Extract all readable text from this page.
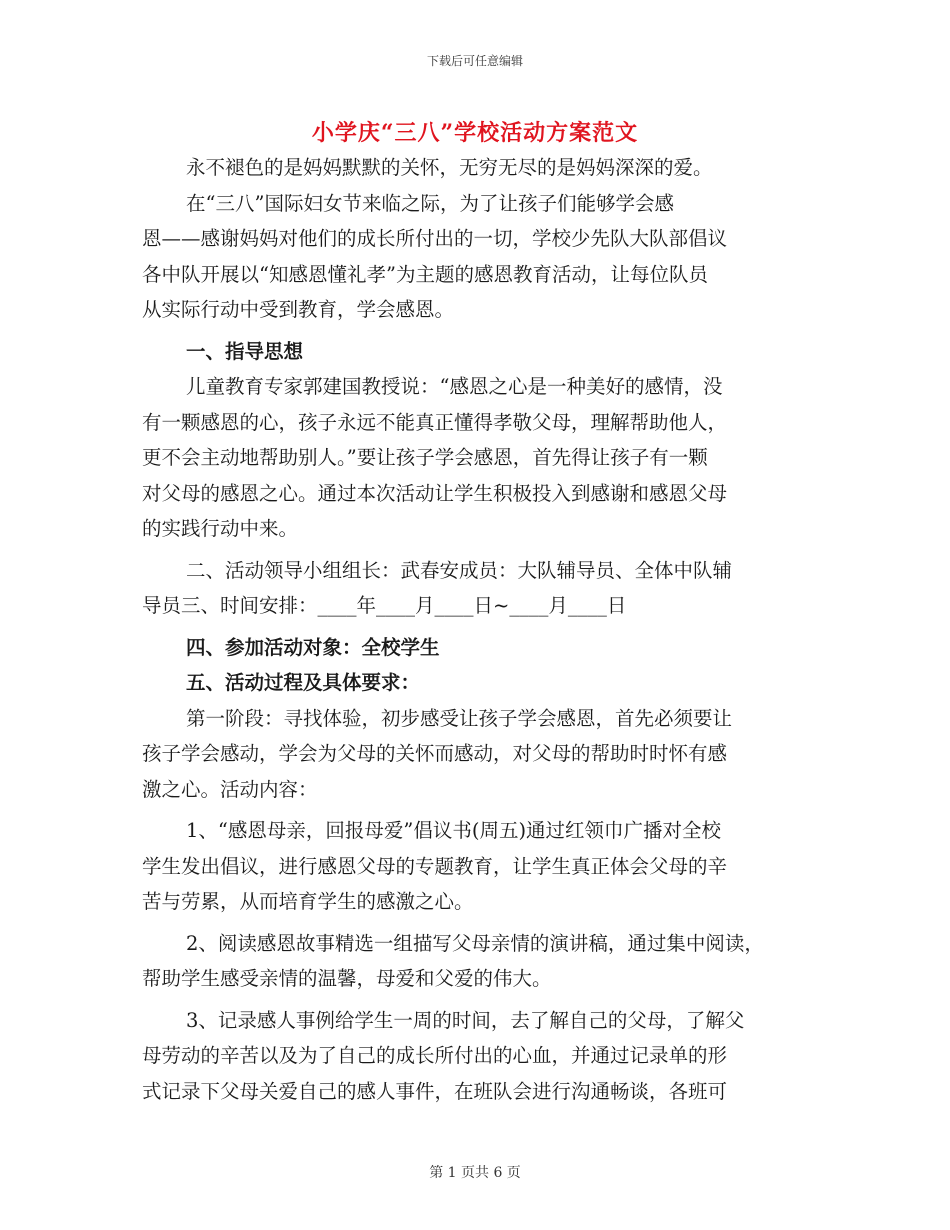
下载后可任意编辑
小学庆“三八”学校活动方案范文
永不褪色的是妈妈默默的关怀，无穷无尽的是妈妈深深的爱。
在“三八”国际妇女节来临之际，为了让孩子们能够学会感
恩——感谢妈妈对他们的成长所付出的一切，学校少先队大队部倡议
各中队开展以“知感恩懂礼孝”为主题的感恩教育活动，让每位队员
从实际行动中受到教育，学会感恩。
一、指导思想
儿童教育专家郭建国教授说：“感恩之心是一种美好的感情，没
有一颗感恩的心，孩子永远不能真正懂得孝敬父母，理解帮助他人，
更不会主动地帮助别人。”要让孩子学会感恩，首先得让孩子有一颗
对父母的感恩之心。通过本次活动让学生积极投入到感谢和感恩父母
的实践行动中来。
二、活动领导小组组长：武春安成员：大队辅导员、全体中队辅
导员三、时间安排：____年____月____日~____月____日
四、参加活动对象：全校学生
五、活动过程及具体要求：
第一阶段：寻找体验，初步感受让孩子学会感恩，首先必须要让
孩子学会感动，学会为父母的关怀而感动，对父母的帮助时时怀有感
激之心。活动内容：
1、“感恩母亲，回报母爱”倡议书(周五)通过红领巾广播对全校
学生发出倡议，进行感恩父母的专题教育，让学生真正体会父母的辛
苦与劳累，从而培育学生的感激之心。
2、阅读感恩故事精选一组描写父母亲情的演讲稿，通过集中阅读，
帮助学生感受亲情的温馨，母爱和父爱的伟大。
3、记录感人事例给学生一周的时间，去了解自己的父母，了解父
母劳动的辛苦以及为了自己的成长所付出的心血，并通过记录单的形
式记录下父母关爱自己的感人事件，在班队会进行沟通畅谈，各班可
第 1 页共 6 页
